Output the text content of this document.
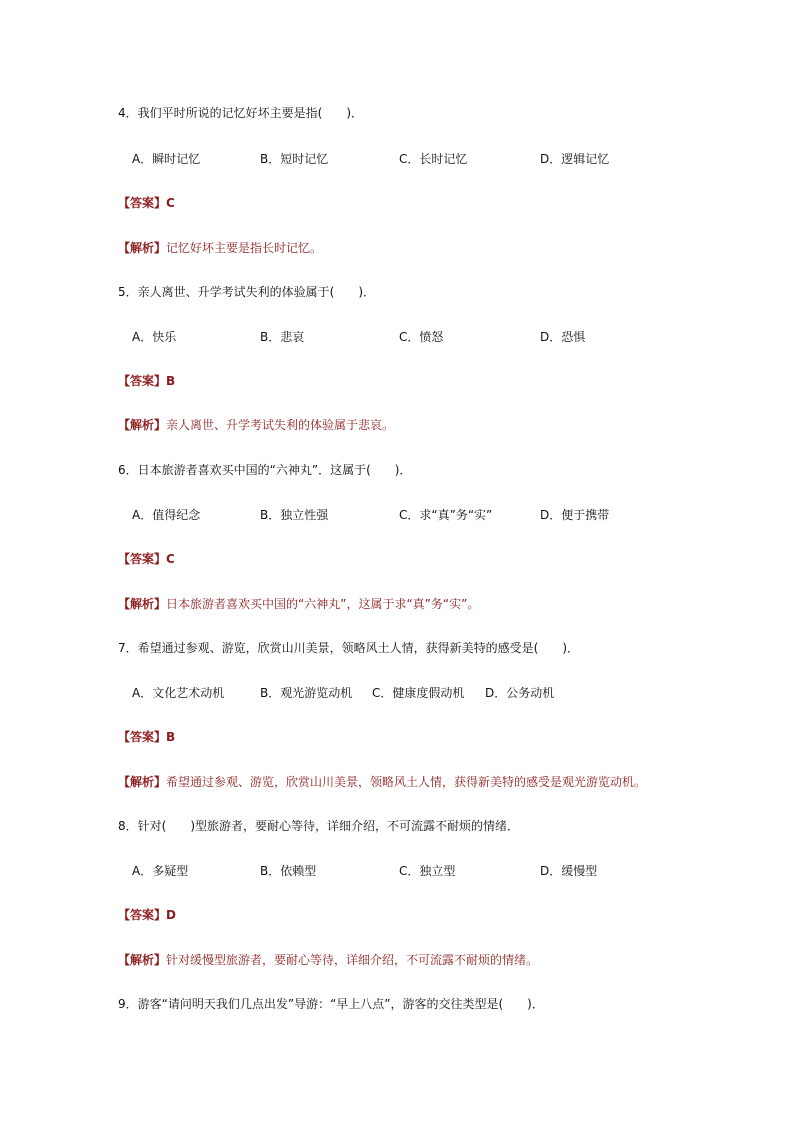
4．我们平时所说的记忆好坏主要是指(　　)．
A．瞬时记忆	B．短时记忆	C．长时记忆	D．逻辑记忆
【答案】C
【解析】记忆好坏主要是指长时记忆。
5．亲人离世、升学考试失利的体验属于(　　)．
A．快乐	B．悲哀	C．愤怒	D．恐惧
【答案】B
【解析】亲人离世、升学考试失利的体验属于悲哀。
6．日本旅游者喜欢买中国的“六神丸”．这属于(　　)．
A．值得纪念	B．独立性强	C．求“真”务“实”	D．便于携带
【答案】C
【解析】日本旅游者喜欢买中国的“六神丸”，这属于求“真”务“实”。
7．希望通过参观、游览，欣赏山川美景，领略风土人情，获得新美特的感受是(　　)．
A．文化艺术动机	B．观光游览动机 C．健康度假动机 D．公务动机
【答案】B
【解析】希望通过参观、游览，欣赏山川美景，领略风土人情，获得新美特的感受是观光游览动机。
8．针对(　　)型旅游者，要耐心等待，详细介绍，不可流露不耐烦的情绪．
A．多疑型	B．依赖型	C．独立型	D．缓慢型
【答案】D
【解析】针对缓慢型旅游者，要耐心等待，详细介绍，不可流露不耐烦的情绪。
9．游客“请问明天我们几点出发”导游：“早上八点”，游客的交往类型是(　　)．
